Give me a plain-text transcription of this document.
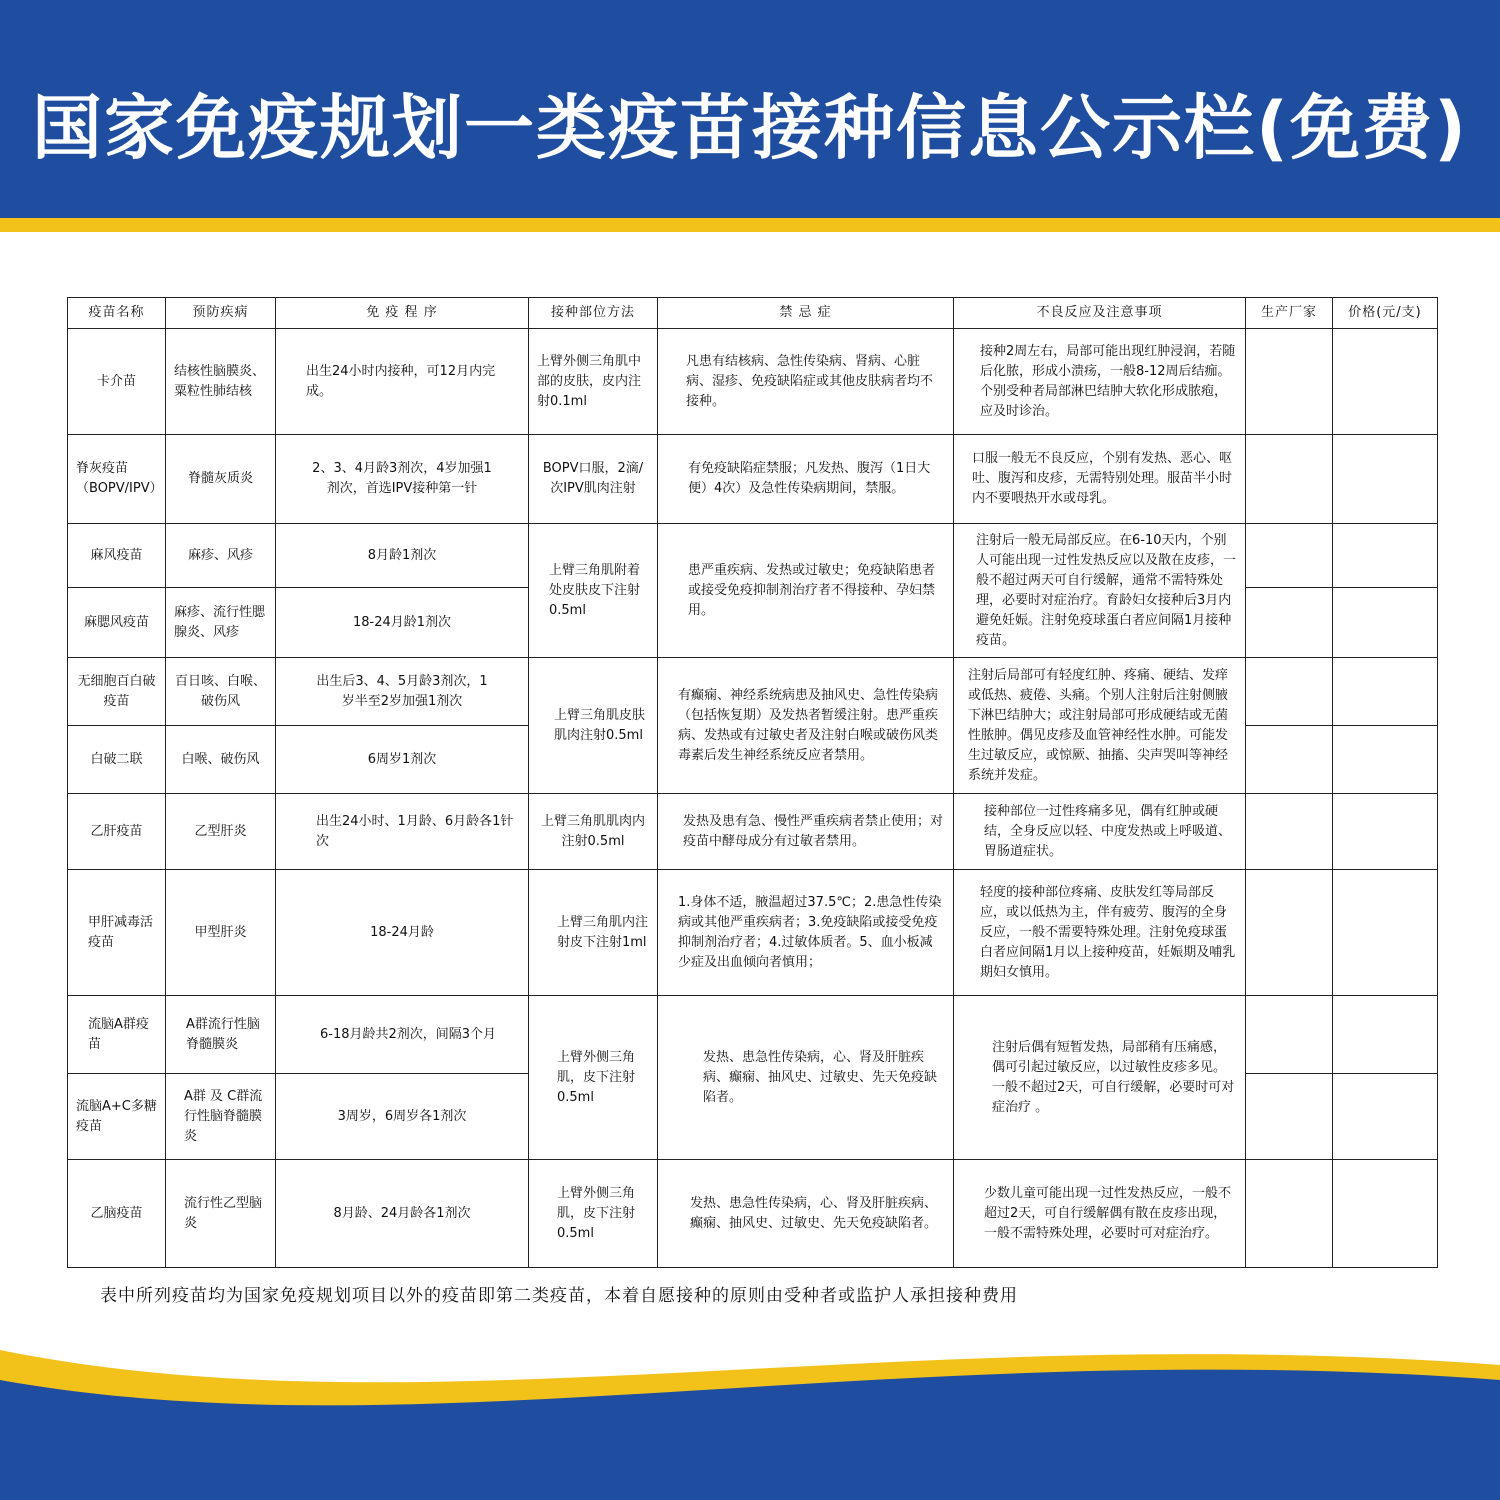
国家免疫规划一类疫苗接种信息公示栏(免费)
疫苗名称	预防疾病	免 疫 程 序	接种部位方法	禁 忌 症	不良反应及注意事项	生产厂家	价格(元/支)
卡介苗	结核性脑膜炎、粟粒性肺结核	出生24小时内接种，可12月内完成。	上臂外侧三角肌中部的皮肤，皮内注射0.1ml	凡患有结核病、急性传染病、肾病、心脏病、湿疹、免疫缺陷症或其他皮肤病者均不接种。	接种2周左右，局部可能出现红肿浸润，若随后化脓，形成小溃疡，一般8-12周后结痂。个别受种者局部淋巴结肿大软化形成脓疱，应及时诊治。		
脊灰疫苗（BOPV/IPV）	脊髓灰质炎	2、3、4月龄3剂次，4岁加强1剂次，首选IPV接种第一针	BOPV口服，2滴/次IPV肌肉注射	有免疫缺陷症禁服；凡发热、腹泻（1日大便）4次）及急性传染病期间，禁服。	口服一般无不良反应，个别有发热、恶心、呕吐、腹泻和皮疹，无需特别处理。服苗半小时内不要喂热开水或母乳。		
麻风疫苗	麻疹、风疹	8月龄1剂次	上臂三角肌附着处皮肤皮下注射0.5ml	患严重疾病、发热或过敏史；免疫缺陷患者或接受免疫抑制剂治疗者不得接种、孕妇禁用。	注射后一般无局部反应。在6-10天内，个别人可能出现一过性发热反应以及散在皮疹，一般不超过两天可自行缓解，通常不需特殊处理，必要时对症治疗。育龄妇女接种后3月内避免妊娠。注射免疫球蛋白者应间隔1月接种疫苗。		
麻腮风疫苗	麻疹、流行性腮腺炎、风疹	18-24月龄1剂次					
无细胞百白破疫苗	百日咳、白喉、破伤风	出生后3、4、5月龄3剂次，1岁半至2岁加强1剂次	上臂三角肌皮肤肌肉注射0.5ml	有癫痫、神经系统病患及抽风史、急性传染病（包括恢复期）及发热者暂缓注射。患严重疾病、发热或有过敏史者及注射白喉或破伤风类毒素后发生神经系统反应者禁用。	注射后局部可有轻度红肿、疼痛、硬结、发痒或低热、疲倦、头痛。个别人注射后注射侧腋下淋巴结肿大；或注射局部可形成硬结或无菌性脓肿。偶见皮疹及血管神经性水肿。可能发生过敏反应，或惊厥、抽搐、尖声哭叫等神经系统并发症。		
白破二联	白喉、破伤风	6周岁1剂次					
乙肝疫苗	乙型肝炎	出生24小时、1月龄、6月龄各1针次	上臂三角肌肌肉内注射0.5ml	发热及患有急、慢性严重疾病者禁止使用；对疫苗中酵母成分有过敏者禁用。	接种部位一过性疼痛多见，偶有红肿或硬结，全身反应以轻、中度发热或上呼吸道、胃肠道症状。		
甲肝减毒活疫苗	甲型肝炎	18-24月龄	上臂三角肌内注射皮下注射1ml	1.身体不适，腋温超过37.5℃；2.患急性传染病或其他严重疾病者；3.免疫缺陷或接受免疫抑制剂治疗者；4.过敏体质者。5、血小板减少症及出血倾向者慎用；	轻度的接种部位疼痛、皮肤发红等局部反应，或以低热为主，伴有疲劳、腹泻的全身反应，一般不需要特殊处理。注射免疫球蛋白者应间隔1月以上接种疫苗，妊娠期及哺乳期妇女慎用。		
流脑A群疫苗	A群流行性脑脊髓膜炎	6-18月龄共2剂次，间隔3个月	上臂外侧三角肌，皮下注射0.5ml	发热、患急性传染病，心、肾及肝脏疾病、癫痫、抽风史、过敏史、先天免疫缺陷者。	注射后偶有短暂发热，局部稍有压痛感，偶可引起过敏反应，以过敏性皮疹多见。一般不超过2天，可自行缓解，必要时可对症治疗 。		
流脑A+C多糖疫苗	A群 及 C群流行性脑脊髓膜炎	3周岁，6周岁各1剂次					
乙脑疫苗	流行性乙型脑炎	8月龄、24月龄各1剂次	上臂外侧三角肌，皮下注射0.5ml	发热、患急性传染病，心、肾及肝脏疾病、癫痫、抽风史、过敏史、先天免疫缺陷者。	少数儿童可能出现一过性发热反应，一般不超过2天，可自行缓解偶有散在皮疹出现，一般不需特殊处理，必要时可对症治疗。		
表中所列疫苗均为国家免疫规划项目以外的疫苗即第二类疫苗，本着自愿接种的原则由受种者或监护人承担接种费用
